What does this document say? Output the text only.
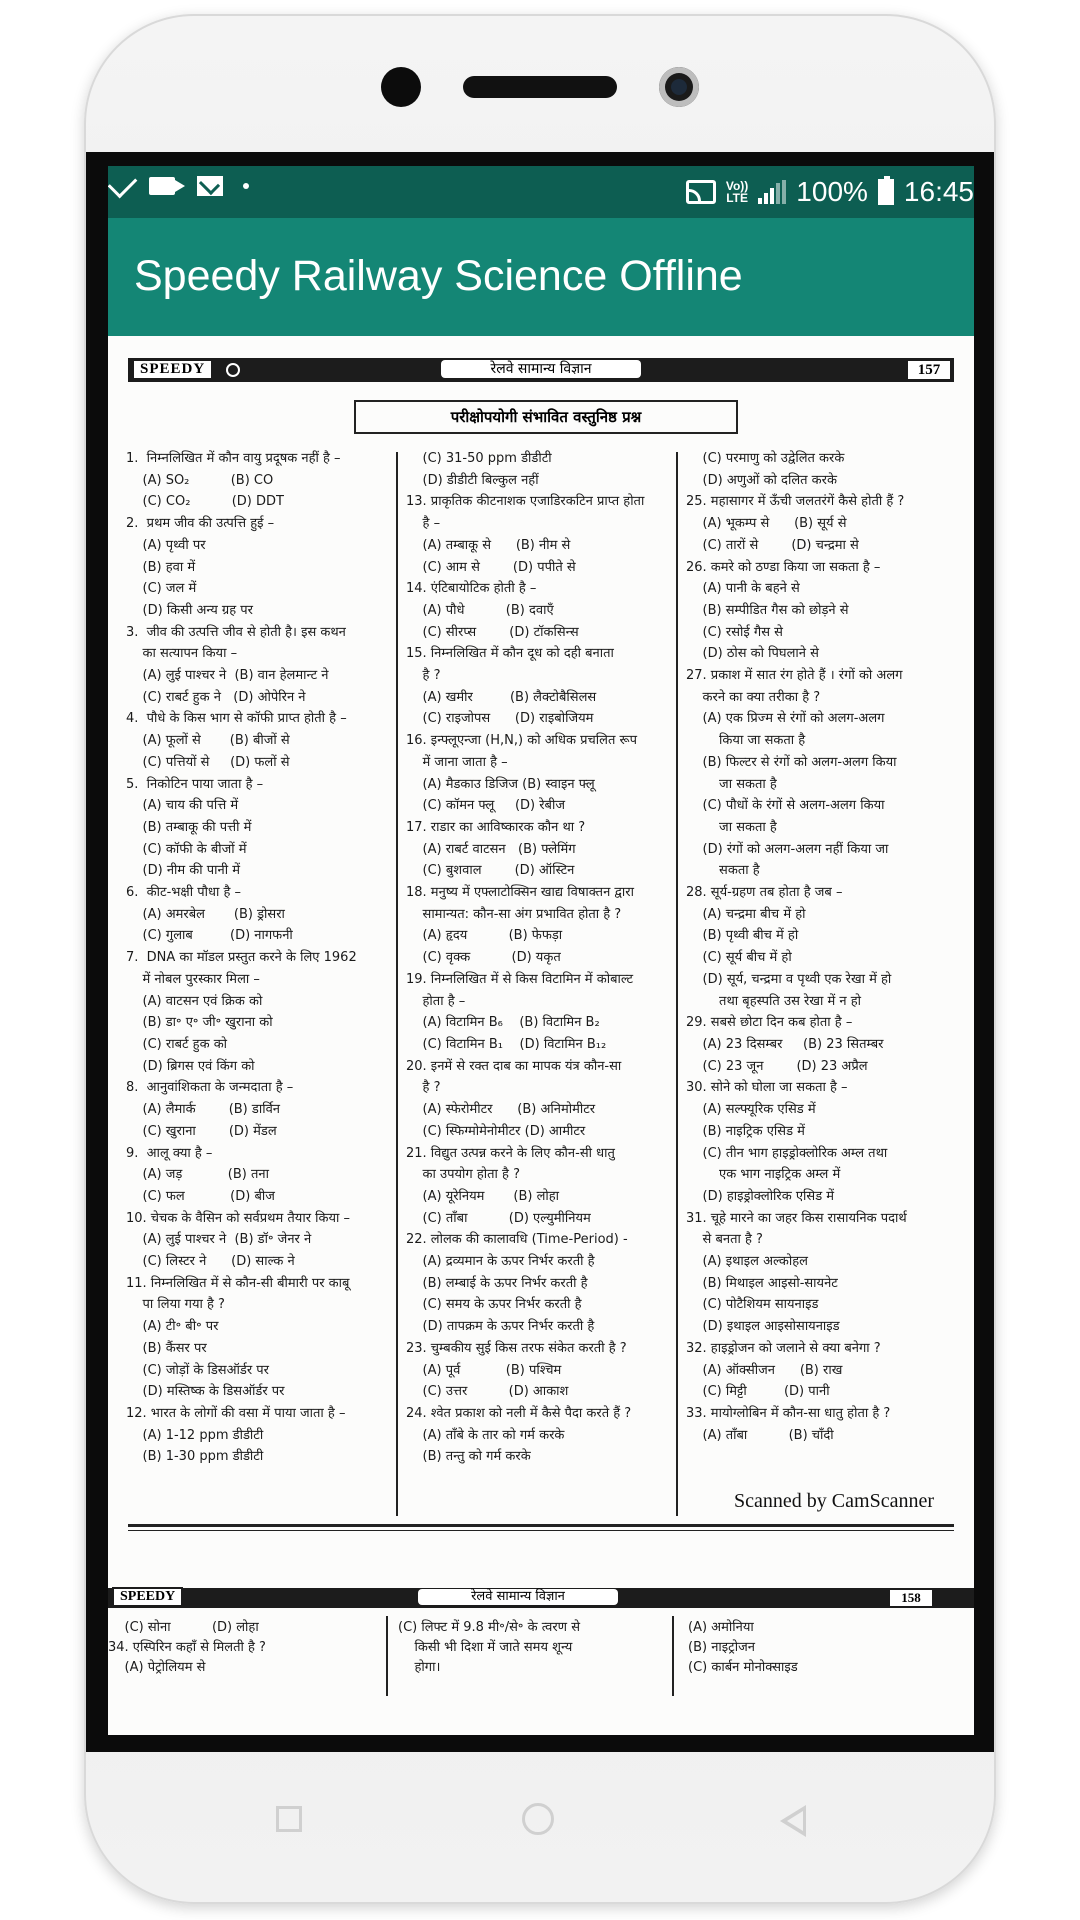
Vo))
LTE 100% 16:45
Speedy Railway Science Offline
SPEEDY	रेलवे सामान्य विज्ञान	157
परीक्षोपयोगी संभावित वस्तुनिष्ठ प्रश्न
1.  निम्नलिखित में कौन वायु प्रदूषक नहीं है –
(A) SO₂          (B) CO
(C) CO₂          (D) DDT
2.  प्रथम जीव की उत्पत्ति हुई –
(A) पृथ्वी पर
(B) हवा में
(C) जल में
(D) किसी अन्य ग्रह पर
3.  जीव की उत्पत्ति जीव से होती है। इस कथन
का सत्यापन किया –
(A) लुई पाश्चर ने  (B) वान हेलमान्ट ने
(C) राबर्ट हुक ने   (D) ओपेरिन ने
4.  पौधे के किस भाग से कॉफी प्राप्त होती है –
(A) फूलों से       (B) बीजों से
(C) पत्तियों से     (D) फलों से
5.  निकोटिन पाया जाता है –
(A) चाय की पत्ति में
(B) तम्बाकू की पत्ती में
(C) कॉफी के बीजों में
(D) नीम की पानी में
6.  कीट-भक्षी पौधा है –
(A) अमरबेल       (B) ड्रोसरा
(C) गुलाब         (D) नागफनी
7.  DNA का मॉडल प्रस्तुत करने के लिए 1962
में नोबल पुरस्कार मिला –
(A) वाटसन एवं क्रिक को
(B) डा॰ ए॰ जी॰ खुराना को
(C) राबर्ट हुक को
(D) ब्रिगस एवं किंग को
8.  आनुवांशिकता के जन्मदाता है –
(A) लैमार्क        (B) डार्विन
(C) खुराना        (D) मेंडल
9.  आलू क्या है –
(A) जड़           (B) तना
(C) फल           (D) बीज
10. चेचक के वैसिन को सर्वप्रथम तैयार किया –
(A) लुई पाश्चर ने  (B) डॉ॰ जेनर ने
(C) लिस्टर ने      (D) साल्क ने
11. निम्नलिखित में से कौन-सी बीमारी पर काबू
पा लिया गया है ?
(A) टी॰ बी॰ पर
(B) कैंसर पर
(C) जोड़ों के डिसऑर्डर पर
(D) मस्तिष्क के डिसऑर्डर पर
12. भारत के लोगों की वसा में पाया जाता है –
(A) 1-12 ppm डीडीटी
(B) 1-30 ppm डीडीटी
(C) 31-50 ppm डीडीटी
(D) डीडीटी बिल्कुल नहीं
13. प्राकृतिक कीटनाशक एजाडिरकटिन प्राप्त होता
है –
(A) तम्बाकू से      (B) नीम से
(C) आम से        (D) पपीते से
14. एंटिबायोटिक होती है –
(A) पौधे          (B) दवाएँ
(C) सीरप्स        (D) टॉकसिन्स
15. निम्नलिखित में कौन दूध को दही बनाता
है ?
(A) खमीर         (B) लैक्टोबैसिलस
(C) राइजोपस      (D) राइबोजियम
16. इन्फ्लूएन्जा (H,N,) को अधिक प्रचलित रूप
में जाना जाता है –
(A) मैडकाउ डिजिज (B) स्वाइन फ्लू
(C) कॉमन फ्लू     (D) रेबीज
17. राडार का आविष्कारक कौन था ?
(A) राबर्ट वाटसन   (B) फ्लेमिंग
(C) बुशवाल        (D) ऑस्टिन
18. मनुष्य में एफ्लाटोक्सिन खाद्य विषाक्तन द्वारा
सामान्यत: कौन-सा अंग प्रभावित होता है ?
(A) हृदय          (B) फेफड़ा
(C) वृक्क          (D) यकृत
19. निम्नलिखित में से किस विटामिन में कोबाल्ट
होता है –
(A) विटामिन B₆    (B) विटामिन B₂
(C) विटामिन B₁    (D) विटामिन B₁₂
20. इनमें से रक्त दाब का मापक यंत्र कौन-सा
है ?
(A) स्फेरोमीटर      (B) अनिमोमीटर
(C) स्फिग्मोमेनोमीटर (D) आमीटर
21. विद्युत उत्पन्न करने के लिए कौन-सी धातु
का उपयोग होता है ?
(A) यूरेनियम       (B) लोहा
(C) ताँबा          (D) एल्युमीनियम
22. लोलक की कालावधि (Time-Period) -
(A) द्रव्यमान के ऊपर निर्भर करती है
(B) लम्बाई के ऊपर निर्भर करती है
(C) समय के ऊपर निर्भर करती है
(D) तापक्रम के ऊपर निर्भर करती है
23. चुम्बकीय सुई किस तरफ संकेत करती है ?
(A) पूर्व           (B) पश्चिम
(C) उत्तर          (D) आकाश
24. श्वेत प्रकाश को नली में कैसे पैदा करते हैं ?
(A) ताँबे के तार को गर्म करके
(B) तन्तु को गर्म करके
(C) परमाणु को उद्वेलित करके
(D) अणुओं को दलित करके
25. महासागर में ऊँची जलतरंगें कैसे होती हैं ?
(A) भूकम्प से      (B) सूर्य से
(C) तारों से        (D) चन्द्रमा से
26. कमरे को ठण्डा किया जा सकता है –
(A) पानी के बहने से
(B) सम्पीडित गैस को छोड़ने से
(C) रसोई गैस से
(D) ठोस को पिघलाने से
27. प्रकाश में सात रंग होते हैं । रंगों को अलग
करने का क्या तरीका है ?
(A) एक प्रिज्म से रंगों को अलग-अलग
किया जा सकता है
(B) फिल्टर से रंगों को अलग-अलग किया
जा सकता है
(C) पौधों के रंगों से अलग-अलग किया
जा सकता है
(D) रंगों को अलग-अलग नहीं किया जा
सकता है
28. सूर्य-ग्रहण तब होता है जब –
(A) चन्द्रमा बीच में हो
(B) पृथ्वी बीच में हो
(C) सूर्य बीच में हो
(D) सूर्य, चन्द्रमा व पृथ्वी एक रेखा में हो
तथा बृहस्पति उस रेखा में न हो
29. सबसे छोटा दिन कब होता है –
(A) 23 दिसम्बर     (B) 23 सितम्बर
(C) 23 जून        (D) 23 अप्रैल
30. सोने को घोला जा सकता है –
(A) सल्फ्यूरिक एसिड में
(B) नाइट्रिक एसिड में
(C) तीन भाग हाइड्रोक्लोरिक अम्ल तथा
एक भाग नाइट्रिक अम्ल में
(D) हाइड्रोक्लोरिक एसिड में
31. चूहे मारने का जहर किस रासायनिक पदार्थ
से बनता है ?
(A) इथाइल अल्कोहल
(B) मिथाइल आइसो-सायनेट
(C) पोटैशियम सायनाइड
(D) इथाइल आइसोसायनाइड
32. हाइड्रोजन को जलाने से क्या बनेगा ?
(A) ऑक्सीजन      (B) राख
(C) मिट्टी         (D) पानी
33. मायोग्लोबिन में कौन-सा धातु होता है ?
(A) ताँबा          (B) चाँदी
Scanned by CamScanner
SPEEDY	रेलवे सामान्य विज्ञान	158
(C) सोना          (D) लोहा
34. एस्पिरिन कहाँ से मिलती है ?
(A) पेट्रोलियम से
(C) लिफ्ट में 9.8 मी॰/से॰ के त्वरण से
किसी भी दिशा में जाते समय शून्य
होगा।
(A) अमोनिया
(B) नाइट्रोजन
(C) कार्बन मोनोक्साइड
